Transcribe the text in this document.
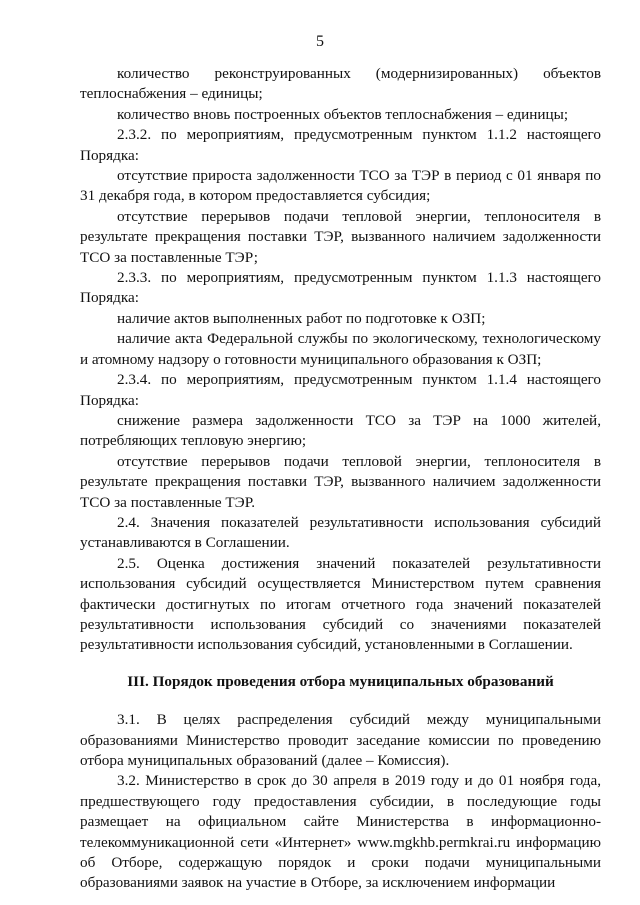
5

количество реконструированных (модернизированных) объектов теплоснабжения – единицы;

количество вновь построенных объектов теплоснабжения – единицы;

2.3.2. по мероприятиям, предусмотренным пунктом 1.1.2 настоящего Порядка:

отсутствие прироста задолженности ТСО за ТЭР в период с 01 января по 31 декабря года, в котором предоставляется субсидия;

отсутствие перерывов подачи тепловой энергии, теплоносителя в результате прекращения поставки ТЭР, вызванного наличием задолженности ТСО за поставленные ТЭР;

2.3.3. по мероприятиям, предусмотренным пунктом 1.1.3 настоящего Порядка:

наличие актов выполненных работ по подготовке к ОЗП;

наличие акта Федеральной службы по экологическому, технологическому и атомному надзору о готовности муниципального образования к ОЗП;

2.3.4. по мероприятиям, предусмотренным пунктом 1.1.4 настоящего Порядка:

снижение размера задолженности ТСО за ТЭР на 1000 жителей, потребляющих тепловую энергию;

отсутствие перерывов подачи тепловой энергии, теплоносителя в результате прекращения поставки ТЭР, вызванного наличием задолженности ТСО за поставленные ТЭР.

2.4. Значения показателей результативности использования субсидий устанавливаются в Соглашении.

2.5. Оценка достижения значений показателей результативности использования субсидий осуществляется Министерством путем сравнения фактически достигнутых по итогам отчетного года значений показателей результативности использования субсидий со значениями показателей результативности использования субсидий, установленными в Соглашении.

III. Порядок проведения отбора муниципальных образований

3.1. В целях распределения субсидий между муниципальными образованиями Министерство проводит заседание комиссии по проведению отбора муниципальных образований (далее – Комиссия).

3.2. Министерство в срок до 30 апреля в 2019 году и до 01 ноября года, предшествующего году предоставления субсидии, в последующие годы размещает на официальном сайте Министерства в информационно-телекоммуникационной сети «Интернет» www.mgkhb.permkrai.ru информацию об Отборе, содержащую порядок и сроки подачи муниципальными образованиями заявок на участие в Отборе, за исключением информации
